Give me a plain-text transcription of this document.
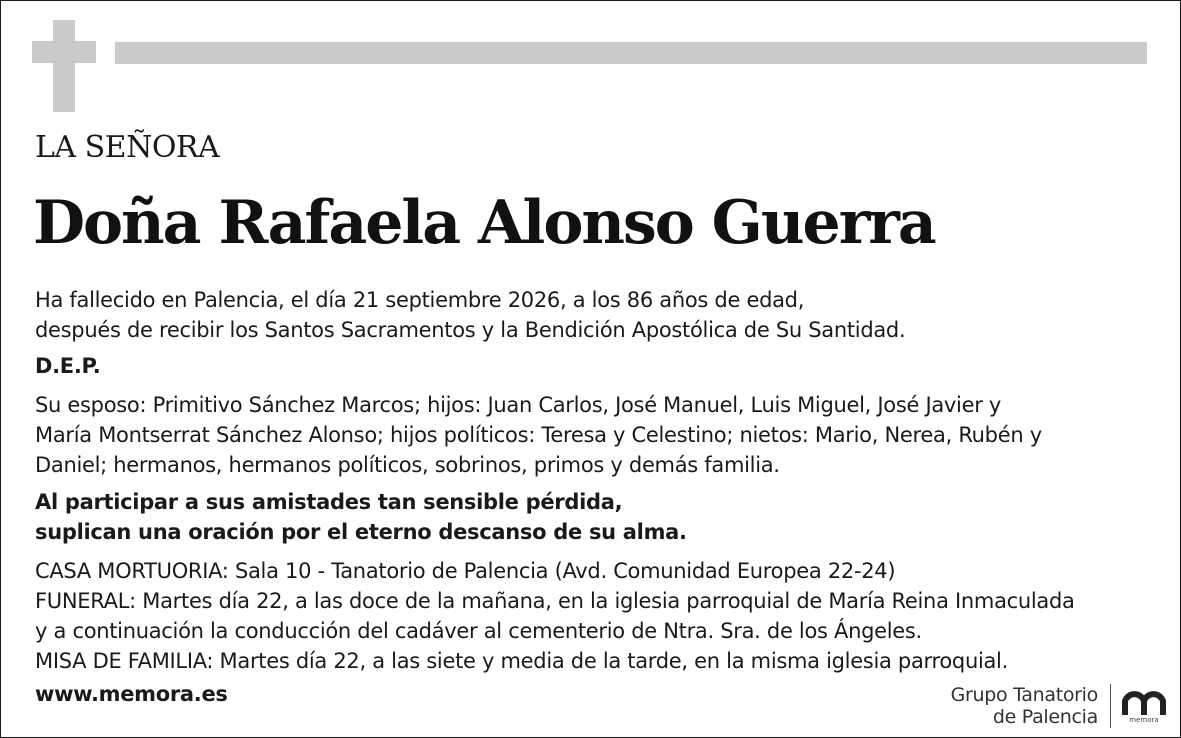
LA SEÑORA
Doña Rafaela Alonso Guerra
Ha fallecido en Palencia, el día 21 septiembre 2026, a los 86 años de edad,
después de recibir los Santos Sacramentos y la Bendición Apostólica de Su Santidad.
D.E.P.
Su esposo: Primitivo Sánchez Marcos; hijos: Juan Carlos, José Manuel, Luis Miguel, José Javier y
María Montserrat Sánchez Alonso; hijos políticos: Teresa y Celestino; nietos: Mario, Nerea, Rubén y
Daniel; hermanos, hermanos políticos, sobrinos, primos y demás familia.
Al participar a sus amistades tan sensible pérdida,
suplican una oración por el eterno descanso de su alma.
CASA MORTUORIA: Sala 10 - Tanatorio de Palencia (Avd. Comunidad Europea 22-24)
FUNERAL: Martes día 22, a las doce de la mañana, en la iglesia parroquial de María Reina Inmaculada
y a continuación la conducción del cadáver al cementerio de Ntra. Sra. de los Ángeles.
MISA DE FAMILIA: Martes día 22, a las siete y media de la tarde, en la misma iglesia parroquial.
www.memora.es	Grupo Tanatorio
de Palencia	memora
